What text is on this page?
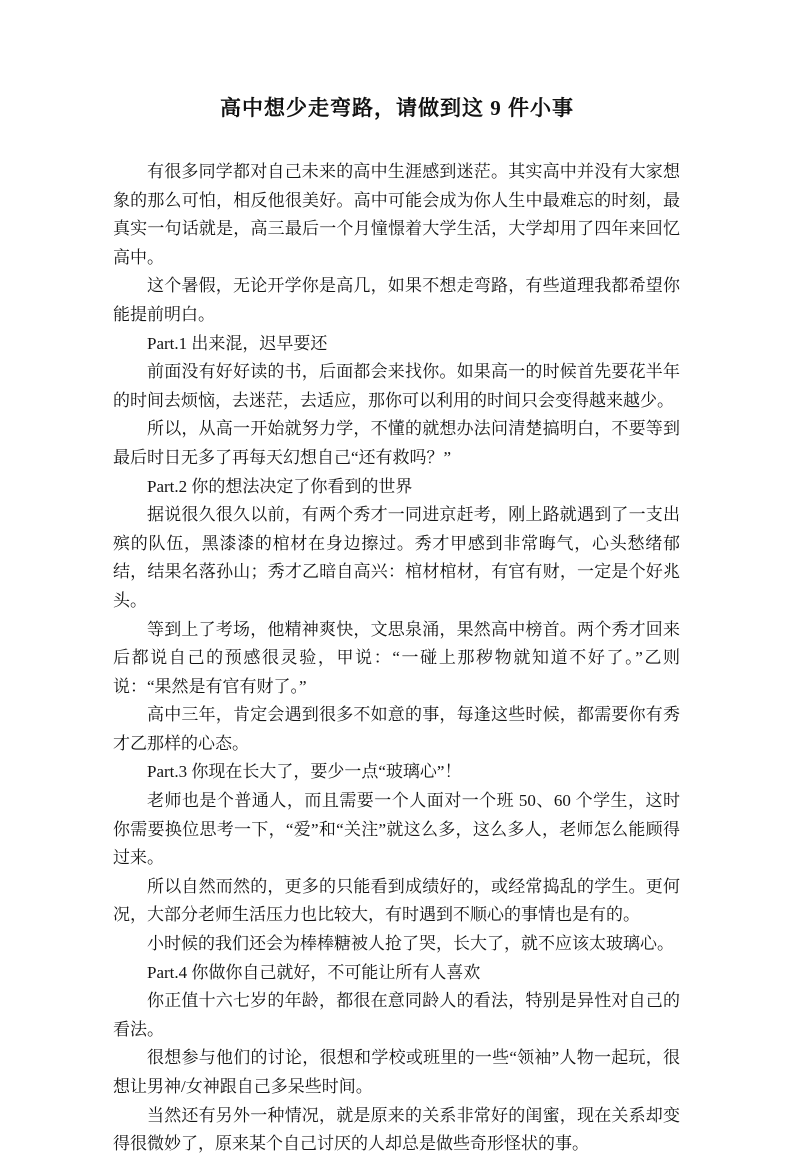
高中想少走弯路，请做到这 9 件小事

有很多同学都对自己未来的高中生涯感到迷茫。其实高中并没有大家想象的那么可怕，相反他很美好。高中可能会成为你人生中最难忘的时刻，最真实一句话就是，高三最后一个月憧憬着大学生活，大学却用了四年来回忆高中。

这个暑假，无论开学你是高几，如果不想走弯路，有些道理我都希望你能提前明白。

Part.1 出来混，迟早要还

前面没有好好读的书，后面都会来找你。如果高一的时候首先要花半年的时间去烦恼，去迷茫，去适应，那你可以利用的时间只会变得越来越少。

所以，从高一开始就努力学，不懂的就想办法问清楚搞明白，不要等到最后时日无多了再每天幻想自己“还有救吗？”

Part.2 你的想法决定了你看到的世界

据说很久很久以前，有两个秀才一同进京赶考，刚上路就遇到了一支出殡的队伍，黑漆漆的棺材在身边擦过。秀才甲感到非常晦气，心头愁绪郁结，结果名落孙山；秀才乙暗自高兴：棺材棺材，有官有财，一定是个好兆头。

等到上了考场，他精神爽快，文思泉涌，果然高中榜首。两个秀才回来后都说自己的预感很灵验，甲说：“一碰上那秽物就知道不好了。”乙则说：“果然是有官有财了。”

高中三年，肯定会遇到很多不如意的事，每逢这些时候，都需要你有秀才乙那样的心态。

Part.3 你现在长大了，要少一点“玻璃心”！

老师也是个普通人，而且需要一个人面对一个班 50、60 个学生，这时你需要换位思考一下，“爱”和“关注”就这么多，这么多人，老师怎么能顾得过来。

所以自然而然的，更多的只能看到成绩好的，或经常捣乱的学生。更何况，大部分老师生活压力也比较大，有时遇到不顺心的事情也是有的。

小时候的我们还会为棒棒糖被人抢了哭，长大了，就不应该太玻璃心。

Part.4 你做你自己就好，不可能让所有人喜欢

你正值十六七岁的年龄，都很在意同龄人的看法，特别是异性对自己的看法。

很想参与他们的讨论，很想和学校或班里的一些“领袖”人物一起玩，很想让男神/女神跟自己多呆些时间。

当然还有另外一种情况，就是原来的关系非常好的闺蜜，现在关系却变得很微妙了，原来某个自己讨厌的人却总是做些奇形怪状的事。
